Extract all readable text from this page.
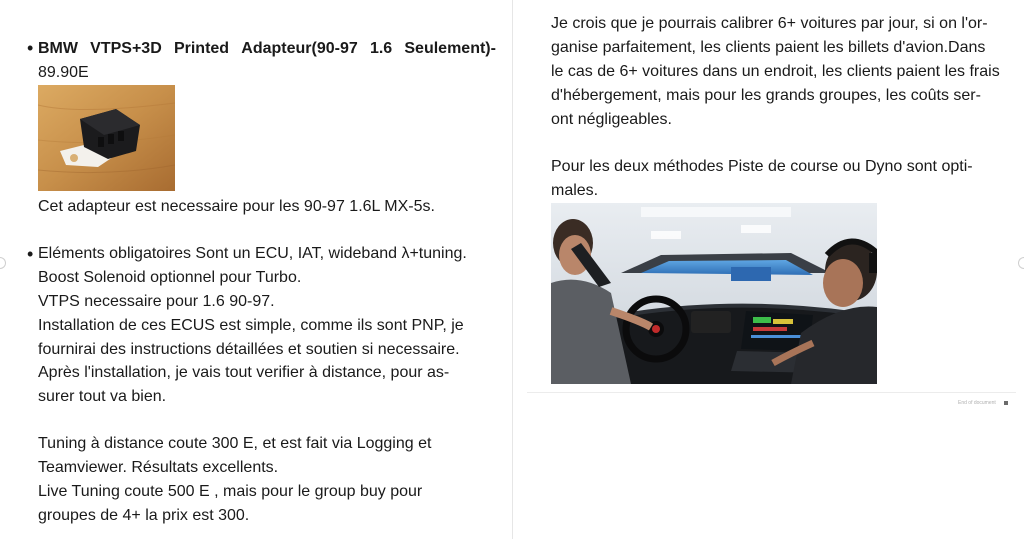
• BMW VTPS+3D Printed Adapteur(90-97 1.6 Seulement)-
89.90E
Cet adapteur est necessaire pour les 90-97 1.6L MX-5s.
• Eléments obligatoires Sont un ECU, IAT, wideband λ+tuning.
Boost Solenoid optionnel pour Turbo.
VTPS necessaire pour 1.6 90-97.
Installation de ces ECUS est simple, comme ils sont PNP, je
fournirai des instructions détaillées et soutien si necessaire.
Après l'installation, je vais tout verifier à distance, pour as-
surer tout va bien.
Tuning à distance coute 300 E, et est fait via Logging et
Teamviewer. Résultats excellents.
Live Tuning coute 500 E , mais pour le group buy pour
groupes de 4+ la prix est 300.
Je crois que je pourrais calibrer 6+ voitures par jour, si on l'or-
ganise parfaitement, les clients paient les billets d'avion.Dans
le cas de 6+ voitures dans un endroit, les clients paient les frais
d'hébergement, mais pour les grands groupes, les coûts ser-
ont négligeables.
Pour les deux méthodes Piste de course ou Dyno sont opti-
males.
End of document
